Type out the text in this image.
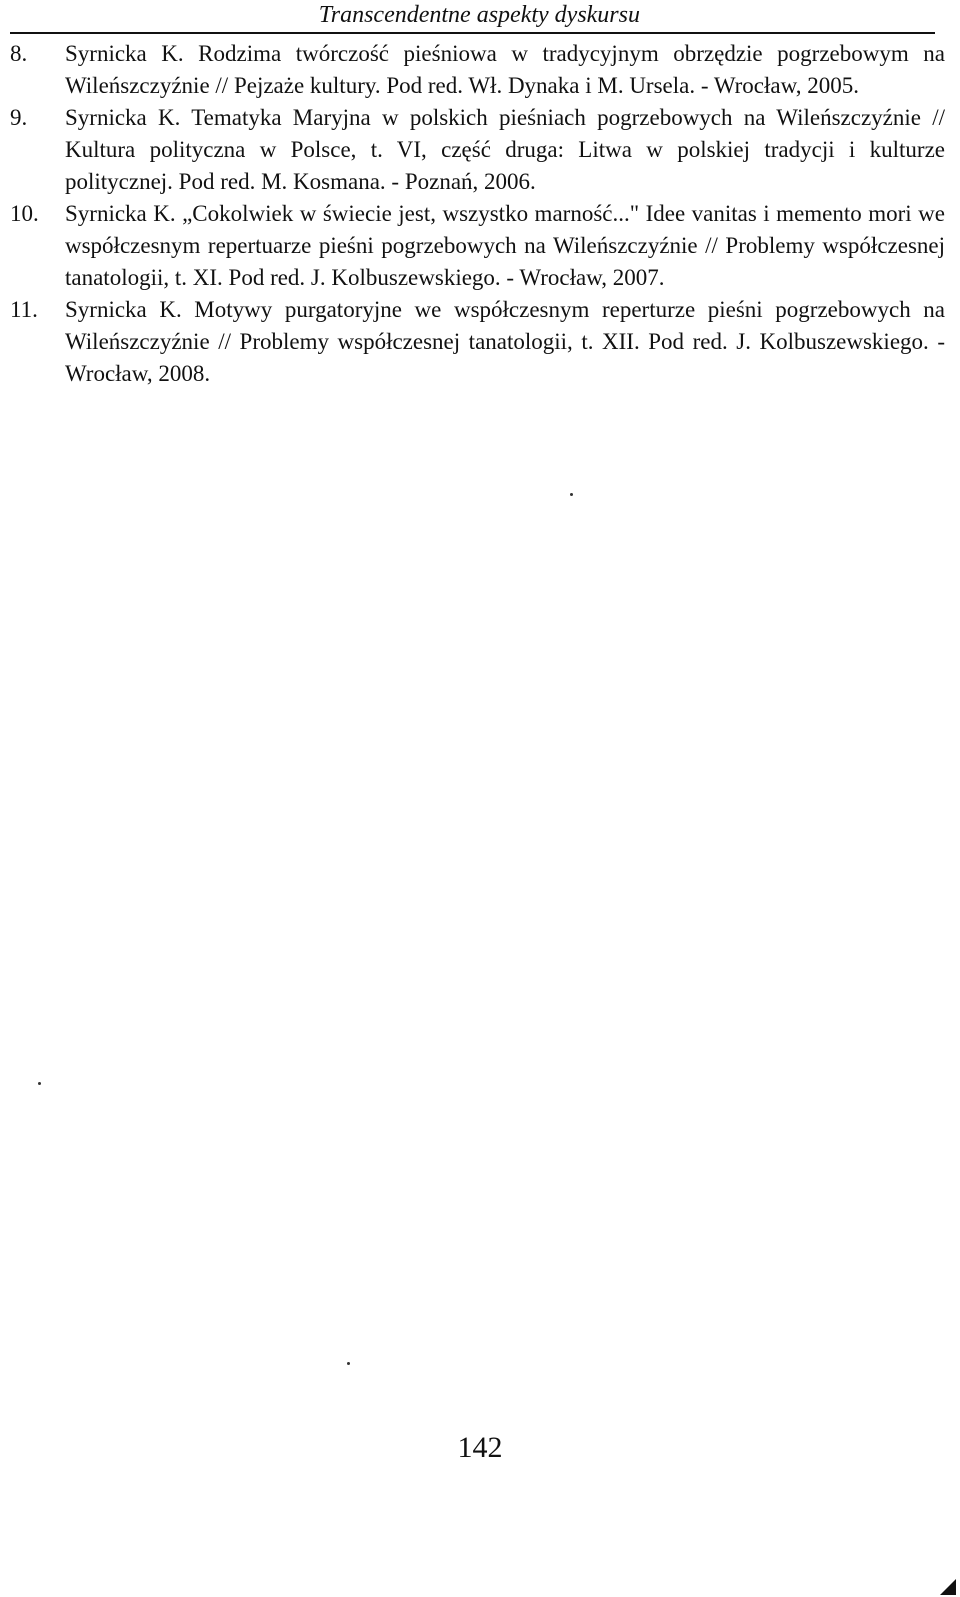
Transcendentne aspekty dyskursu
8.	Syrnicka K. Rodzima twórczość pieśniowa w tradycyjnym obrzędzie pogrzebowym na Wileńszczyźnie // Pejzaże kultury. Pod red. Wł. Dynaka i M. Ursela. - Wrocław, 2005.
9.	Syrnicka K. Tematyka Maryjna w polskich pieśniach pogrzebowych na Wileńszczyźnie // Kultura polityczna w Polsce, t. VI, część druga: Litwa w polskiej tradycji i kulturze politycznej. Pod red. M. Kosmana. - Poznań, 2006.
10.	Syrnicka K. „Cokolwiek w świecie jest, wszystko marność..." Idee vanitas i memento mori we współczesnym repertuarze pieśni pogrzebowych na Wileńszczyźnie // Problemy współczesnej tanatologii, t. XI. Pod red. J. Kolbuszewskiego. - Wrocław, 2007.
11.	Syrnicka K. Motywy purgatoryjne we współczesnym reperturze pieśni pogrzebowych na Wileńszczyźnie // Problemy współczesnej tanatologii, t. XII. Pod red. J. Kolbuszewskiego. - Wrocław, 2008.
142
